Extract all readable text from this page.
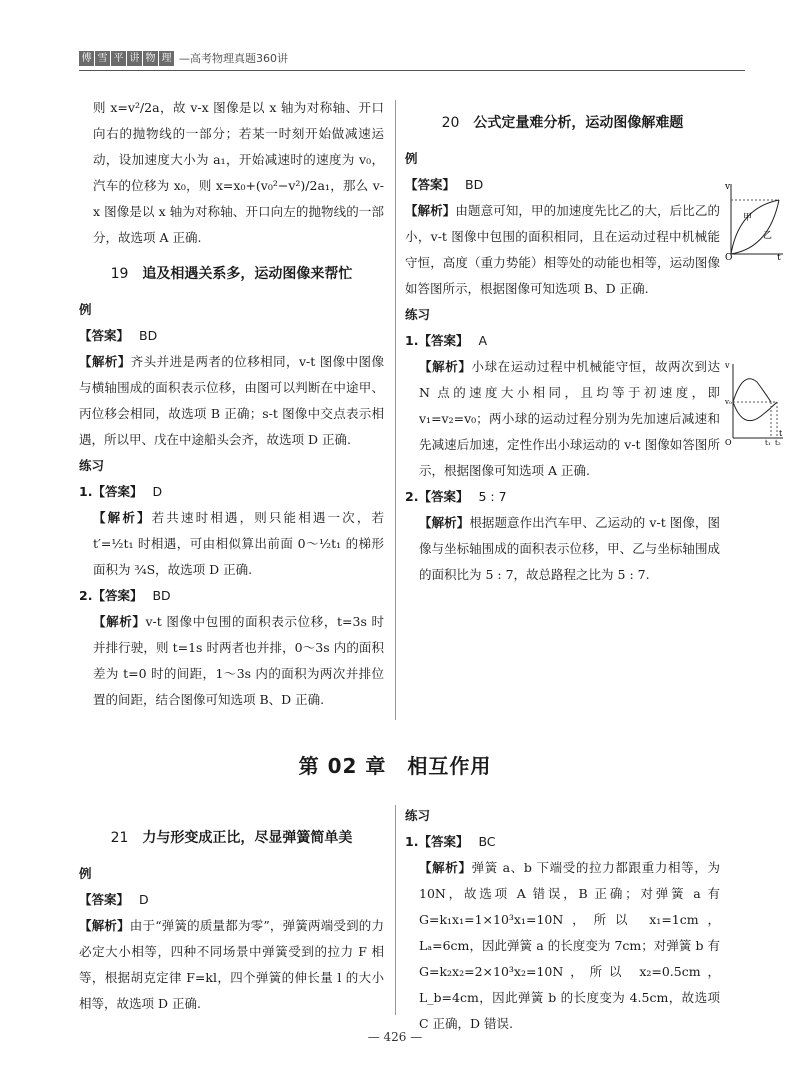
傅 雪 平 讲 物 理 —高考物理真题360讲

则 x=v²/2a，故 v-x 图像是以 x 轴为对称轴、开口向右的抛物线的一部分；若某一时刻开始做减速运动，设加速度大小为 a₁，开始减速时的速度为 v₀，汽车的位移为 x₀，则 x=x₀+(v₀²−v²)/2a₁，那么 v-x 图像是以 x 轴为对称轴、开口向左的抛物线的一部分，故选项 A 正确.

19 追及相遇关系多，运动图像来帮忙
例
【答案】 BD

【解析】齐头并进是两者的位移相同，v-t 图像中图像与横轴围成的面积表示位移，由图可以判断在中途甲、丙位移会相同，故选项 B 正确；s-t 图像中交点表示相遇，所以甲、戊在中途船头会齐，故选项 D 正确.

练习
1.【答案】 D

【解析】若共速时相遇，则只能相遇一次，若 t′=½t₁ 时相遇，可由相似算出前面 0～½t₁ 的梯形面积为 ¾S，故选项 D 正确.

2.【答案】 BD

【解析】v-t 图像中包围的面积表示位移，t=3s 时并排行驶，则 t=1s 时两者也并排，0～3s 内的面积差为 t=0 时的间距，1～3s 内的面积为两次并排位置的间距，结合图像可知选项 B、D 正确.

20 公式定量难分析，运动图像解难题
例
【答案】 BD

【解析】由题意可知，甲的加速度先比乙的大，后比乙的小，v-t 图像中包围的面积相同，且在运动过程中机械能守恒，高度（重力势能）相等处的动能也相等，运动图像如答图所示，根据图像可知选项 B、D 正确.

练习
1.【答案】 A

【解析】小球在运动过程中机械能守恒，故两次到达 N 点的速度大小相同，且均等于初速度，即 v₁=v₂=v₀；两小球的运动过程分别为先加速后减速和先减速后加速，定性作出小球运动的 v-t 图像如答图所示，根据图像可知选项 A 正确.

2.【答案】 5 : 7

【解析】根据题意作出汽车甲、乙运动的 v-t 图像，图像与坐标轴围成的面积表示位移，甲、乙与坐标轴围成的面积比为 5 : 7，故总路程之比为 5 : 7.

v
t
O
甲
乙
v
v₀
O	t₁ t₂
t
第 02 章　相互作用
21 力与形变成正比，尽显弹簧简单美
例
【答案】 D

【解析】由于“弹簧的质量都为零”，弹簧两端受到的力必定大小相等，四种不同场景中弹簧受到的拉力 F 相等，根据胡克定律 F=kl，四个弹簧的伸长量 l 的大小相等，故选项 D 正确.

练习
1.【答案】 BC

【解析】弹簧 a、b 下端受的拉力都跟重力相等，为 10N，故选项 A 错误，B 正确；对弹簧 a 有 G=k₁x₁=1×10³x₁=10N，所以 x₁=1cm，Lₐ=6cm，因此弹簧 a 的长度变为 7cm；对弹簧 b 有 G=k₂x₂=2×10³x₂=10N，所以 x₂=0.5cm，L_b=4cm，因此弹簧 b 的长度变为 4.5cm，故选项 C 正确，D 错误.

— 426 —
